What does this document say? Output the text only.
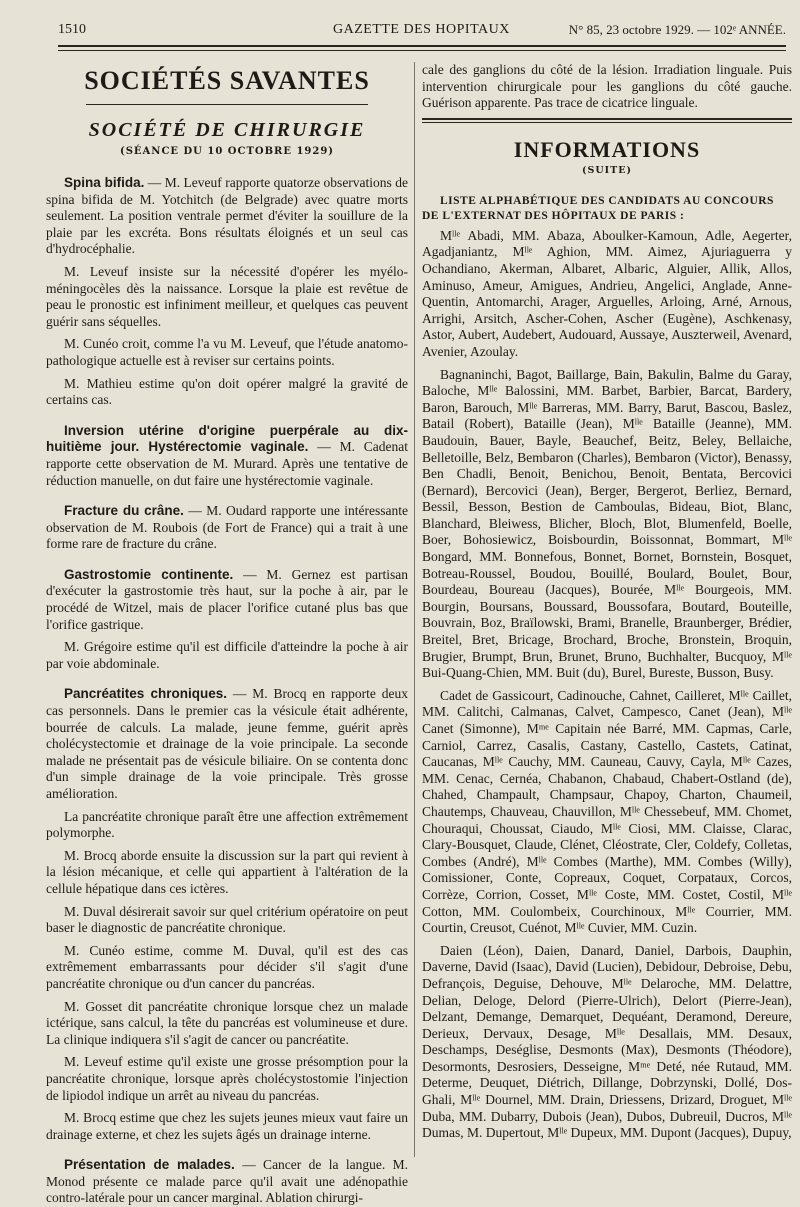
1510	GAZETTE DES HOPITAUX	N° 85, 23 octobre 1929. — 102ᵉ ANNÉE.
SOCIÉTÉS SAVANTES
SOCIÉTÉ DE CHIRURGIE
(SÉANCE DU 10 OCTOBRE 1929)

Spina bifida. — M. Leveuf rapporte quatorze observations de spina bifida de M. Yotchitch (de Belgrade) avec quatre morts seulement. La position ventrale permet d'éviter la souillure de la plaie par les excréta. Bons résultats éloignés et un seul cas d'hydrocéphalie.

M. Leveuf insiste sur la nécessité d'opérer les myélo-méningocèles dès la naissance. Lorsque la plaie est revêtue de peau le pronostic est infiniment meilleur, et quelques cas peuvent guérir sans séquelles.

M. Cunéo croit, comme l'a vu M. Leveuf, que l'étude anatomo-pathologique actuelle est à reviser sur certains points.

M. Mathieu estime qu'on doit opérer malgré la gravité de certains cas.

Inversion utérine d'origine puerpérale au dix-huitième jour. Hystérectomie vaginale. — M. Cadenat rapporte cette observation de M. Murard. Après une tentative de réduction manuelle, on dut faire une hystérectomie vaginale.

Fracture du crâne. — M. Oudard rapporte une intéressante observation de M. Roubois (de Fort de France) qui a trait à une forme rare de fracture du crâne.

Gastrostomie continente. — M. Gernez est partisan d'exécuter la gastrostomie très haut, sur la poche à air, par le procédé de Witzel, mais de placer l'orifice cutané plus bas que l'orifice gastrique.

M. Grégoire estime qu'il est difficile d'atteindre la poche à air par voie abdominale.

Pancréatites chroniques. — M. Brocq en rapporte deux cas personnels. Dans le premier cas la vésicule était adhérente, bourrée de calculs. La malade, jeune femme, guérit après cholécystectomie et drainage de la voie principale. La seconde malade ne présentait pas de vésicule biliaire. On se contenta donc d'un simple drainage de la voie principale. Très grosse amélioration.

La pancréatite chronique paraît être une affection extrêmement polymorphe.

M. Brocq aborde ensuite la discussion sur la part qui revient à la lésion mécanique, et celle qui appartient à l'altération de la cellule hépatique dans ces ictères.

M. Duval désirerait savoir sur quel critérium opératoire on peut baser le diagnostic de pancréatite chronique.

M. Cunéo estime, comme M. Duval, qu'il est des cas extrêmement embarrassants pour décider s'il s'agit d'une pancréatite chronique ou d'un cancer du pancréas.

M. Gosset dit pancréatite chronique lorsque chez un malade ictérique, sans calcul, la tête du pancréas est volumineuse et dure. La clinique indiquera s'il s'agit de cancer ou pancréatite.

M. Leveuf estime qu'il existe une grosse présomption pour la pancréatite chronique, lorsque après cholécystostomie l'injection de lipiodol indique un arrêt au niveau du pancréas.

M. Brocq estime que chez les sujets jeunes mieux vaut faire un drainage externe, et chez les sujets âgés un drainage interne.

Présentation de malades. — Cancer de la langue. M. Monod présente ce malade parce qu'il avait une adénopathie contro-latérale pour un cancer marginal. Ablation chirurgi-

cale des ganglions du côté de la lésion. Irradiation linguale. Puis intervention chirurgicale pour les ganglions du côté gauche. Guérison apparente. Pas trace de cicatrice linguale.

INFORMATIONS
(SUITE)
LISTE ALPHABÉTIQUE DES CANDIDATS AU CONCOURS DE L'EXTERNAT DES HÔPITAUX DE PARIS :

Mˡˡᵉ Abadi, MM. Abaza, Aboulker-Kamoun, Adle, Aegerter, Agadjaniantz, Mˡˡᵉ Aghion, MM. Aimez, Ajuriaguerra y Ochandiano, Akerman, Albaret, Albaric, Alguier, Allik, Allos, Aminuso, Ameur, Amigues, Andrieu, Angelici, Anglade, Anne-Quentin, Antomarchi, Arager, Arguelles, Arloing, Arné, Arnous, Arrighi, Arsitch, Ascher-Cohen, Ascher (Eugène), Aschkenasy, Astor, Aubert, Audebert, Audouard, Aussaye, Auszterweil, Avenard, Avenier, Azoulay.

Bagnaninchi, Bagot, Baillarge, Bain, Bakulin, Balme du Garay, Baloche, Mˡˡᵉ Balossini, MM. Barbet, Barbier, Barcat, Bardery, Baron, Barouch, Mˡˡᵉ Barreras, MM. Barry, Barut, Bascou, Baslez, Batail (Robert), Bataille (Jean), Mˡˡᵉ Bataille (Jeanne), MM. Baudouin, Bauer, Bayle, Beauchef, Beitz, Beley, Bellaiche, Belletoille, Belz, Bembaron (Charles), Bembaron (Victor), Benassy, Ben Chadli, Benoit, Benichou, Benoit, Bentata, Bercovici (Bernard), Bercovici (Jean), Berger, Bergerot, Berliez, Bernard, Bessil, Besson, Bestion de Camboulas, Bideau, Biot, Blanc, Blanchard, Bleiwess, Blicher, Bloch, Blot, Blumenfeld, Boelle, Boer, Bohosiewicz, Boisbourdin, Boissonnat, Bommart, Mˡˡᵉ Bongard, MM. Bonnefous, Bonnet, Bornet, Bornstein, Bosquet, Botreau-Roussel, Boudou, Bouillé, Boulard, Boulet, Bour, Bourdeau, Boureau (Jacques), Bourée, Mˡˡᵉ Bourgeois, MM. Bourgin, Boursans, Boussard, Boussofara, Boutard, Bouteille, Bouvrain, Boz, Braïlowski, Brami, Branelle, Braunberger, Brédier, Breitel, Bret, Bricage, Brochard, Broche, Bronstein, Broquin, Brugier, Brumpt, Brun, Brunet, Bruno, Buchhalter, Bucquoy, Mˡˡᵉ Bui-Quang-Chien, MM. Buit (du), Burel, Bureste, Busson, Busy.

Cadet de Gassicourt, Cadinouche, Cahnet, Cailleret, Mˡˡᵉ Caillet, MM. Calitchi, Calmanas, Calvet, Campesco, Canet (Jean), Mˡˡᵉ Canet (Simonne), Mᵐᵉ Capitain née Barré, MM. Capmas, Carle, Carniol, Carrez, Casalis, Castany, Castello, Castets, Catinat, Caucanas, Mˡˡᵉ Cauchy, MM. Cauneau, Cauvy, Cayla, Mˡˡᵉ Cazes, MM. Cenac, Cernéa, Chabanon, Chabaud, Chabert-Ostland (de), Chahed, Champault, Champsaur, Chapoy, Charton, Chaumeil, Chautemps, Chauveau, Chauvillon, Mˡˡᵉ Chessebeuf, MM. Chomet, Chouraqui, Choussat, Ciaudo, Mˡˡᵉ Ciosi, MM. Claisse, Clarac, Clary-Bousquet, Claude, Clénet, Cléostrate, Cler, Coldefy, Colletas, Combes (André), Mˡˡᵉ Combes (Marthe), MM. Combes (Willy), Comissioner, Conte, Copreaux, Coquet, Corpataux, Corcos, Corrèze, Corrion, Cosset, Mˡˡᵉ Coste, MM. Costet, Costil, Mˡˡᵉ Cotton, MM. Coulombeix, Courchinoux, Mˡˡᵉ Courrier, MM. Courtin, Creusot, Cuénot, Mˡˡᵉ Cuvier, MM. Cuzin.

Daien (Léon), Daien, Danard, Daniel, Darbois, Dauphin, Daverne, David (Isaac), David (Lucien), Debidour, Debroise, Debu, Defrançois, Deguise, Dehouve, Mˡˡᵉ Delaroche, MM. Delattre, Delian, Deloge, Delord (Pierre-Ulrich), Delort (Pierre-Jean), Delzant, Demange, Demarquet, Dequéant, Deramond, Dereure, Derieux, Dervaux, Desage, Mˡˡᵉ Desallais, MM. Desaux, Deschamps, Deséglise, Desmonts (Max), Desmonts (Théodore), Desormonts, Desrosiers, Desseigne, Mᵐᵉ Deté, née Rutaud, MM. Determe, Deuquet, Diétrich, Dillange, Dobrzynski, Dollé, Dos-Ghali, Mˡˡᵉ Dournel, MM. Drain, Driessens, Drizard, Droguet, Mˡˡᵉ Duba, MM. Dubarry, Dubois (Jean), Dubos, Dubreuil, Ducros, Mˡˡᵉ Dumas, M. Dupertout, Mˡˡᵉ Dupeux, MM. Dupont (Jacques), Dupuy,
